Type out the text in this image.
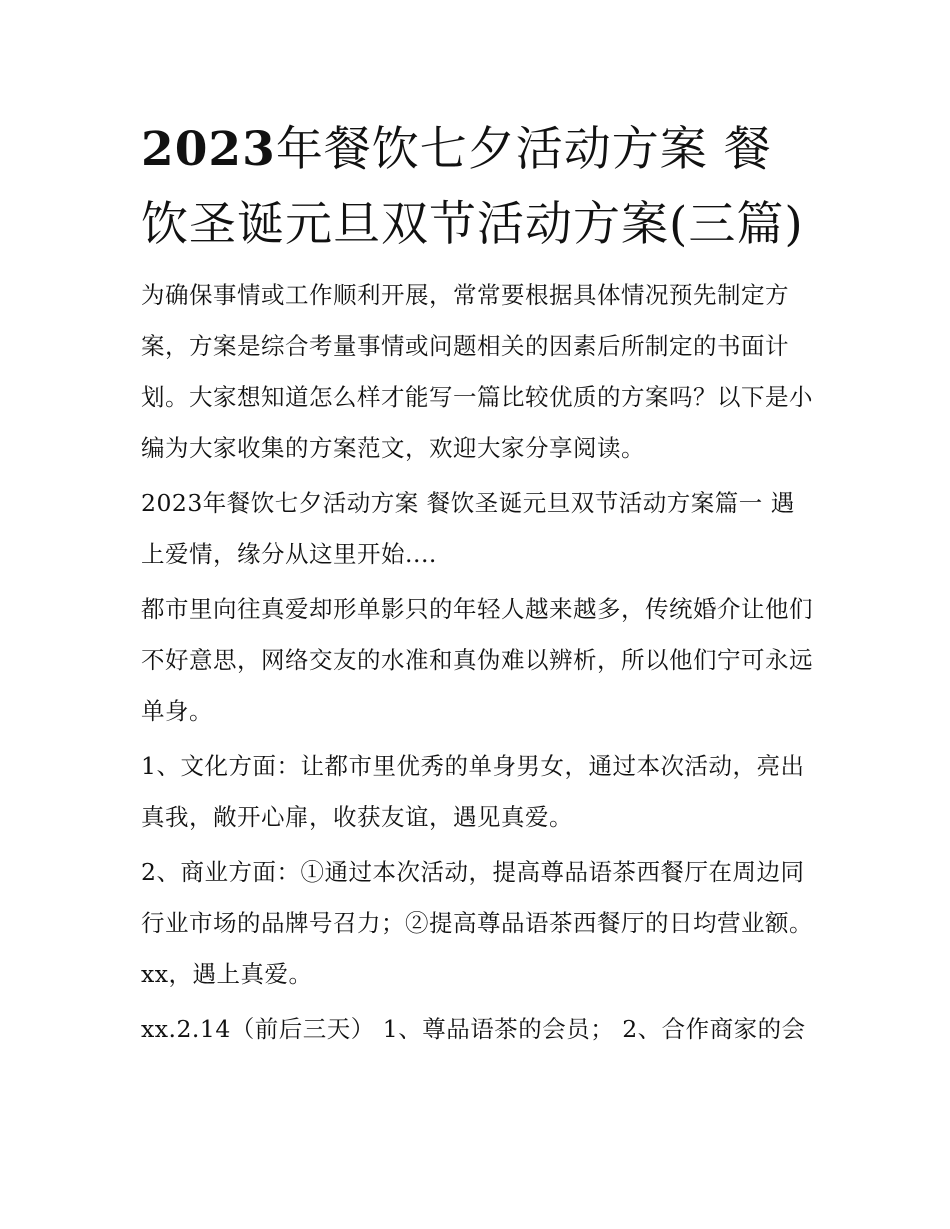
2023年餐饮七夕活动方案 餐饮圣诞元旦双节活动方案(三篇)

为确保事情或工作顺利开展，常常要根据具体情况预先制定方案，方案是综合考量事情或问题相关的因素后所制定的书面计划。大家想知道怎么样才能写一篇比较优质的方案吗？以下是小编为大家收集的方案范文，欢迎大家分享阅读。

2023年餐饮七夕活动方案 餐饮圣诞元旦双节活动方案篇一 遇上爱情，缘分从这里开始....

都市里向往真爱却形单影只的年轻人越来越多，传统婚介让他们不好意思，网络交友的水准和真伪难以辨析，所以他们宁可永远单身。

1、文化方面：让都市里优秀的单身男女，通过本次活动，亮出真我，敞开心扉，收获友谊，遇见真爱。

2、商业方面：①通过本次活动，提高尊品语茶西餐厅在周边同行业市场的品牌号召力；②提高尊品语茶西餐厅的日均营业额。 xx，遇上真爱。

xx.2.14（前后三天） 1、尊品语茶的会员； 2、合作商家的会
